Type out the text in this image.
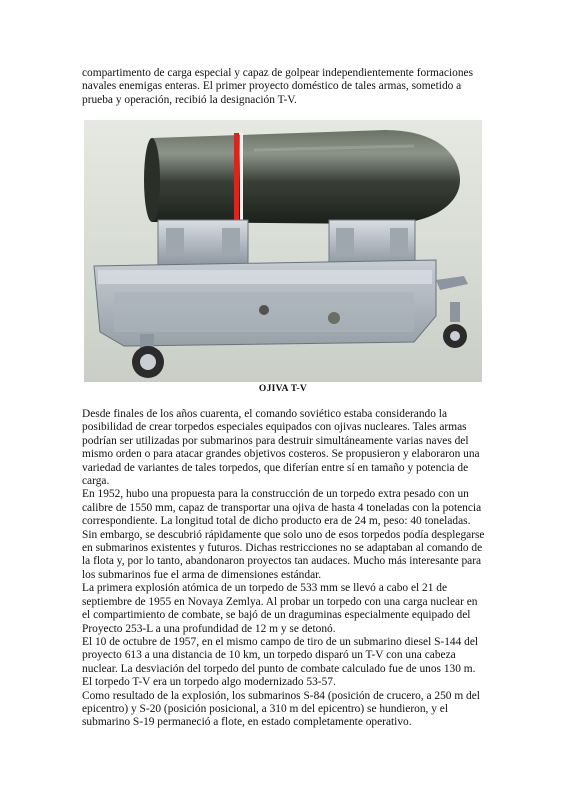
compartimento de carga especial y capaz de golpear independientemente formaciones
navales enemigas enteras. El primer proyecto doméstico de tales armas, sometido a
prueba y operación, recibió la designación T-V.
OJIVA T-V
Desde finales de los años cuarenta, el comando soviético estaba considerando la
posibilidad de crear torpedos especiales equipados con ojivas nucleares. Tales armas
podrían ser utilizadas por submarinos para destruir simultáneamente varias naves del
mismo orden o para atacar grandes objetivos costeros. Se propusieron y elaboraron una
variedad de variantes de tales torpedos, que diferían entre sí en tamaño y potencia de
carga.
En 1952, hubo una propuesta para la construcción de un torpedo extra pesado con un
calibre de 1550 mm, capaz de transportar una ojiva de hasta 4 toneladas con la potencia
correspondiente. La longitud total de dicho producto era de 24 m, peso: 40 toneladas.
Sin embargo, se descubrió rápidamente que solo uno de esos torpedos podía desplegarse
en submarinos existentes y futuros. Dichas restricciones no se adaptaban al comando de
la flota y, por lo tanto, abandonaron proyectos tan audaces. Mucho más interesante para
los submarinos fue el arma de dimensiones estándar.
La primera explosión atómica de un torpedo de 533 mm se llevó a cabo el 21 de
septiembre de 1955 en Novaya Zemlya. Al probar un torpedo con una carga nuclear en
el compartimiento de combate, se bajó de un draguminas especialmente equipado del
Proyecto 253-L a una profundidad de 12 m y se detonó.
El 10 de octubre de 1957, en el mismo campo de tiro de un submarino diesel S-144 del
proyecto 613 a una distancia de 10 km, un torpedo disparó un T-V con una cabeza
nuclear. La desviación del torpedo del punto de combate calculado fue de unos 130 m.
El torpedo T-V era un torpedo algo modernizado 53-57.
Como resultado de la explosión, los submarinos S-84 (posición de crucero, a 250 m del
epicentro) y S-20 (posición posicional, a 310 m del epicentro) se hundieron, y el
submarino S-19 permaneció a flote, en estado completamente operativo.
